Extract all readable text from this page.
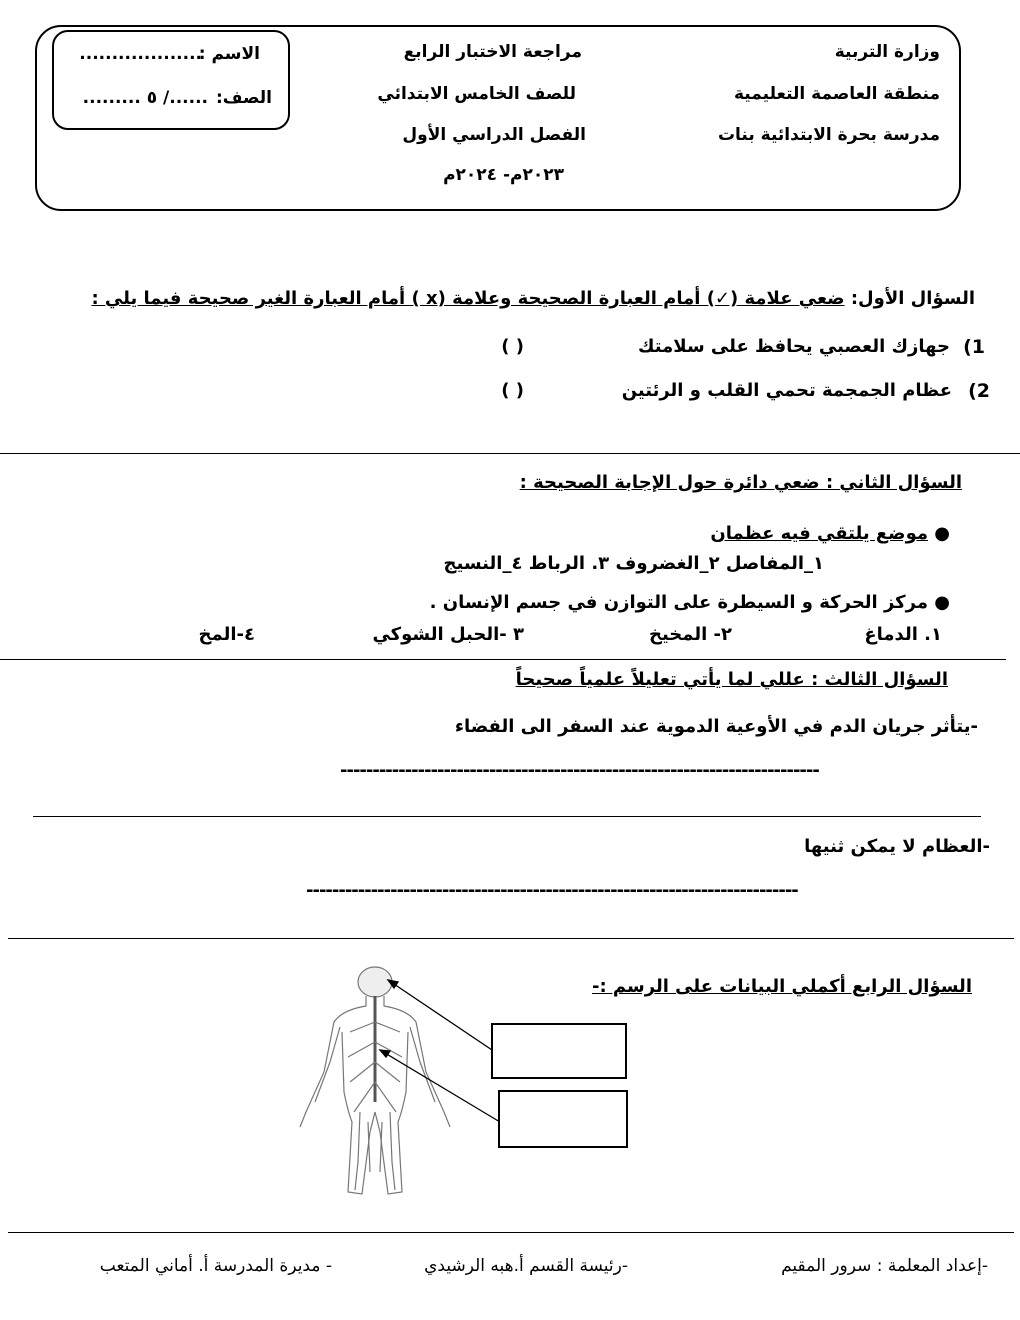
وزارة التربية
منطقة العاصمة التعليمية
مدرسة بحرة الابتدائية بنات
مراجعة الاختبار الرابع
للصف الخامس الابتدائي
الفصل الدراسي الأول
٢٠٢٣م- ٢٠٢٤م
الاسم :
...................
الصف:
....../ ٥ .........
السؤال الأول: ضعي علامة (✓) أمام العبارة الصحيحة وعلامة (x ) أمام العبارة الغير صحيحة فيما يلي :
1)
جهازك العصبي يحافظ على سلامتك
( )
2)
عظام الجمجمة تحمي القلب و الرئتين
( )
السؤال الثاني : ضعي دائرة حول الإجابة الصحيحة :
● موضع يلتقي فيه عظمان
١_المفاصل ٢_الغضروف ٣. الرباط ٤_النسيج
● مركز الحركة و السيطرة على التوازن في جسم الإنسان .
١. الدماغ
٢- المخيخ
٣ -الحبل الشوكي
٤-المخ
السؤال الثالث : عللي لما يأتي تعليلاً علمياً صحيحاً
-يتأثر جريان الدم في الأوعية الدموية عند السفر الى الفضاء
--------------------------------------------------------------------------
-العظام لا يمكن ثنيها
----------------------------------------------------------------------------
السؤال الرابع أكملي البيانات على الرسم :-
-إعداد المعلمة : سرور المقيم
-رئيسة القسم أ.هبه الرشيدي
- مديرة المدرسة أ. أماني المتعب
